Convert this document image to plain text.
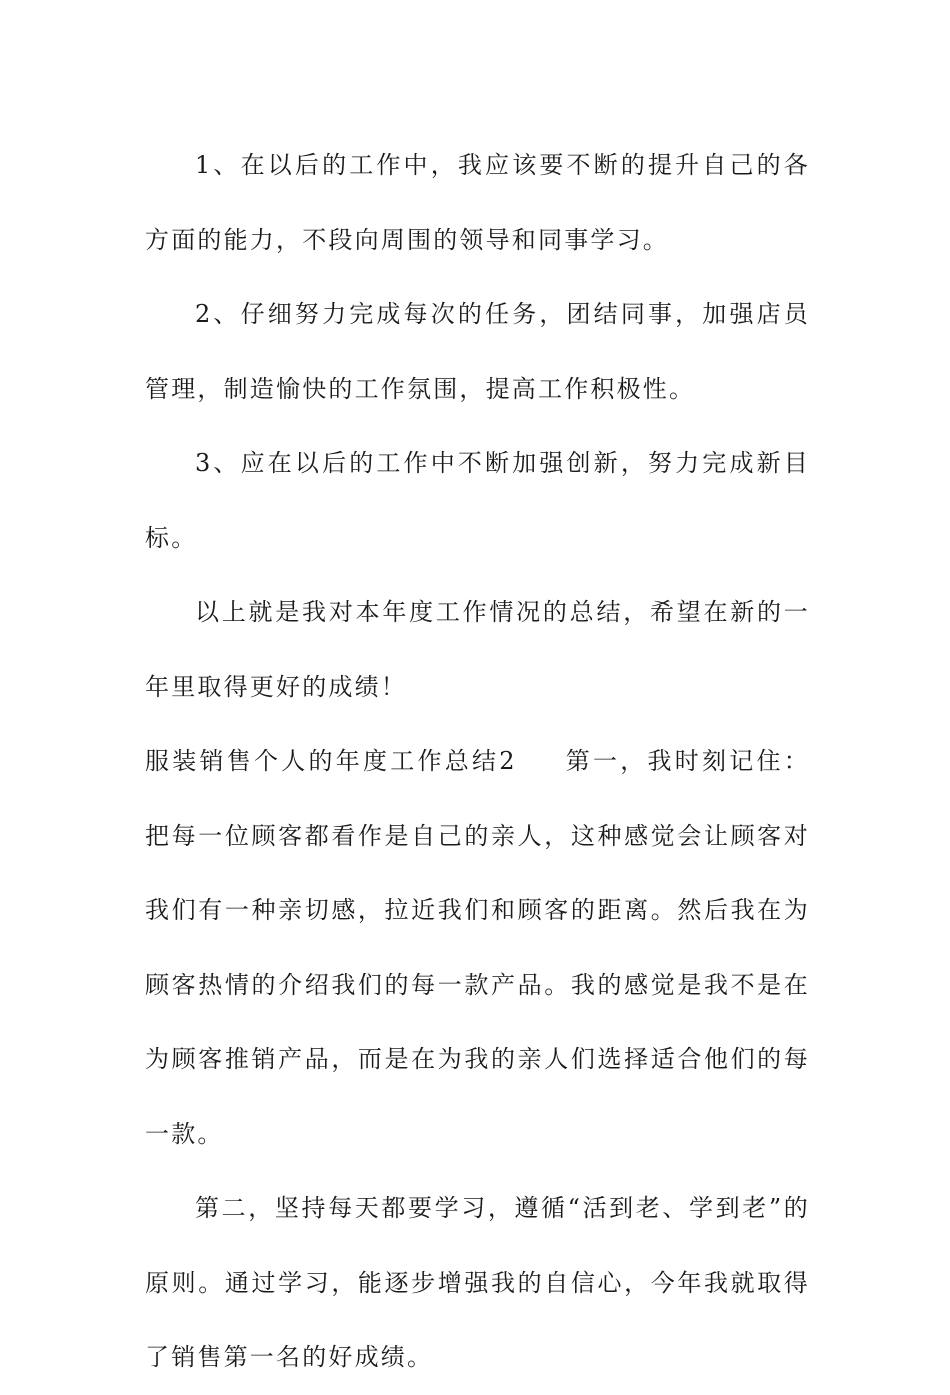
1、在以后的工作中，我应该要不断的提升自己的各方面的能力，不段向周围的领导和同事学习。

2、仔细努力完成每次的任务，团结同事，加强店员管理，制造愉快的工作氛围，提高工作积极性。

3、应在以后的工作中不断加强创新，努力完成新目标。

以上就是我对本年度工作情况的总结，希望在新的一年里取得更好的成绩！

服装销售个人的年度工作总结2 第一，我时刻记住：把每一位顾客都看作是自己的亲人，这种感觉会让顾客对我们有一种亲切感，拉近我们和顾客的距离。然后我在为顾客热情的介绍我们的每一款产品。我的感觉是我不是在为顾客推销产品，而是在为我的亲人们选择适合他们的每一款。

第二，坚持每天都要学习，遵循“活到老、学到老”的原则。通过学习，能逐步增强我的自信心，今年我就取得了销售第一名的好成绩。
